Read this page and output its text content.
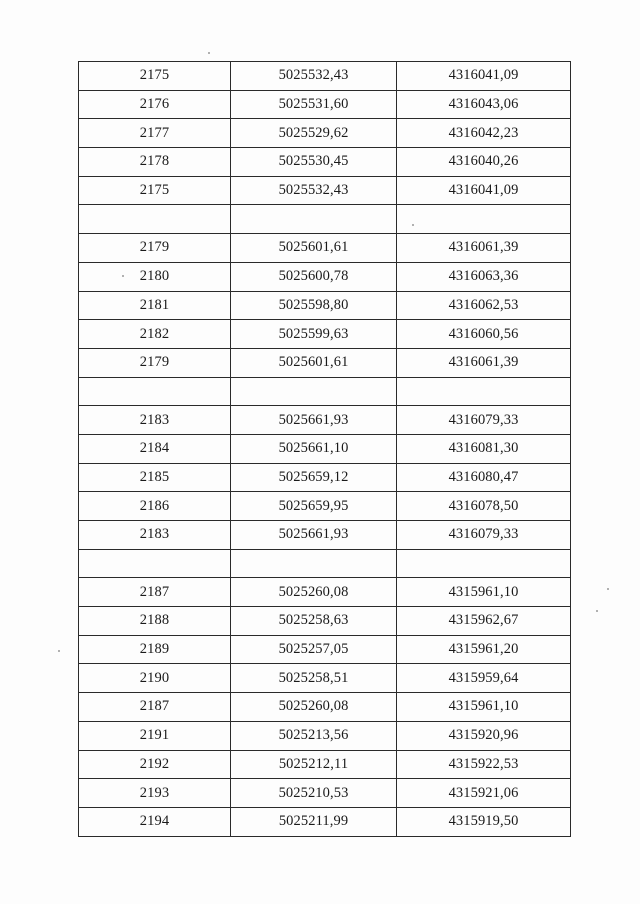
2175	5025532,43	4316041,09
2176	5025531,60	4316043,06
2177	5025529,62	4316042,23
2178	5025530,45	4316040,26
2175	5025532,43	4316041,09

2179	5025601,61	4316061,39
2180	5025600,78	4316063,36
2181	5025598,80	4316062,53
2182	5025599,63	4316060,56
2179	5025601,61	4316061,39

2183	5025661,93	4316079,33
2184	5025661,10	4316081,30
2185	5025659,12	4316080,47
2186	5025659,95	4316078,50
2183	5025661,93	4316079,33

2187	5025260,08	4315961,10
2188	5025258,63	4315962,67
2189	5025257,05	4315961,20
2190	5025258,51	4315959,64
2187	5025260,08	4315961,10
2191	5025213,56	4315920,96
2192	5025212,11	4315922,53
2193	5025210,53	4315921,06
2194	5025211,99	4315919,50
